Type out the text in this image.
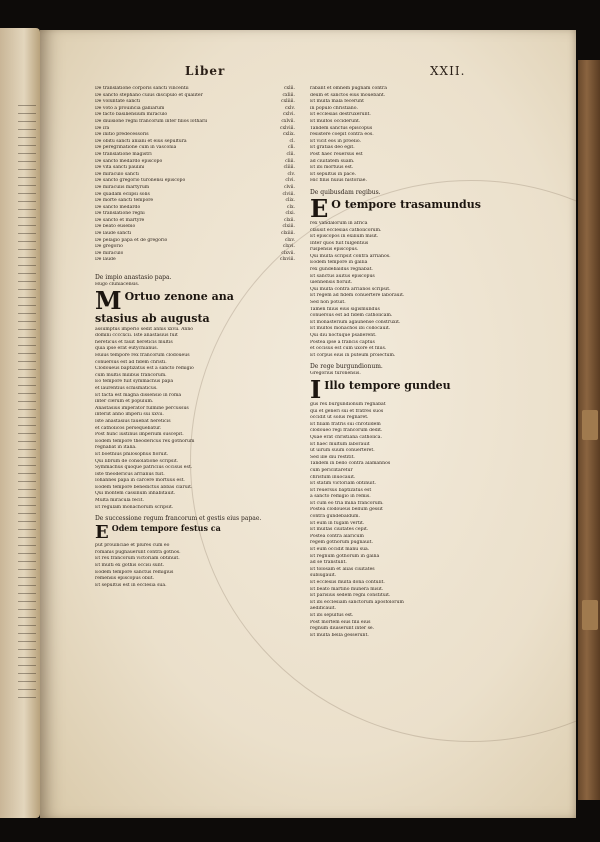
Liber	XXII.
De translatione corporis sancti vincentii	cxlii.
De sancto stephano cuius discipulo et qualiter	cxliii.
De voluntate sancti	cxliiii.
De voto a prouincia galliarum	cxlv.
De facto basiliensium miraculo	cxlvi.
De diuisione regni francorum inter filios lotharii	cxlvii.
De ira	cxlviii.
De initio predecessoris	cxlix.
De obitu sancti aniani et eius sepultura	cl.
De peregrinatione cum in vasconia	cli.
De translatione magistri	clii.
De sancto medardo episcopo	cliii.
De vita sancti paulini	cliiii.
De miraculo sancti	clv.
De sancto gregorio turonensi episcopo	clvi.
De miraculis martyrum	clvii.
De quadam eclipsi solis	clviii.
De morte sancti tempore	clix.
De sancto medardo	clx.
De translatione regni	clxi.
De sancto et martyre	clxii.
De beato eusebio	clxiii.
De laude sancti	clxiiii.
De pelagio papa et de gregorio	clxv.
De gregorio	clxvi.
De miraculo	clxvii.
De laude	clxviii.
De impio anastasio papa.
Hugo cluniacensis.
M Ortuo zenone ana
stasius ab augusta
assumptus imperio sedit annis xxvii. Anno
domini ccccxcii. Iste anastasius fuit
hereticus et fauit hereticis multis
quia ipse erat eutychianus.
Huius tempore rex francorum clodoueus
conuersus est ad fidem christi.
Clodoueus baptizatus est a sancto remigio
cum multis milibus francorum.
Eo tempore fuit symmachus papa
et laurentius schismaticus.
Et facta est magna dissensio in roma
inter clerum et populum.
Anastasius imperator fulmine percussus
interiit anno imperii sui xxvii.
Iste anastasius fauebat hereticis
et catholicos persequebatur.
Post hunc iustinus imperium suscepit.
Eodem tempore theodericus rex gothorum
regnabat in italia.
Et boethius philosophus floruit.
Qui librum de consolatione scripsit.
Symmachus quoque patricius occisus est.
Iste theodericus arrianus fuit.
Iohannes papa in carcere mortuus est.
Eodem tempore benedictus abbas claruit.
Qui montem cassinum inhabitauit.
Multa miracula fecit.
Et regulam monachorum scripsit.
De successione regum francorum et gestis eius papae.
E Odem tempore festus ca
put prouinciae et plures cum eo
romanis pugnauerunt contra gothos.
Et rex francorum victoriam obtinuit.
Et multi ex gothis occisi sunt.
Eodem tempore sanctus remigius
remensis episcopus obiit.
Et sepultus est in ecclesia sua.
rabant et omnem pugnam contra
deum et sanctos eius mouebant.
Et multa mala fecerunt
in populo christiano.
Et ecclesias destruxerunt.
Et multos occiderunt.
Tandem sanctus episcopus
resistere coepit contra eos.
Et vicit eos in proelio.
Et gratias deo egit.
Post haec reuersus est
ad ciuitatem suam.
Et ibi mortuus est.
Et sepultus in pace.
Hic finis huius historiae.
De quibusdam regibus.
E O tempore trasamundus
rex vandalorum in africa
clausit ecclesias catholicorum.
Et episcopos in exilium misit.
Inter quos fuit fulgentius
ruspensis episcopus.
Qui multa scripsit contra arrianos.
Eodem tempore in gallia
rex gundebaldus regnabat.
Et sanctus auitus episcopus
uiennensis floruit.
Qui multa contra arrianos scripsit.
Et regem ad fidem conuertere laborauit.
Sed non potuit.
Tamen filius eius sigismundus
conuersus est ad fidem catholicam.
Et monasterium agaunense construxit.
Et multos monachos ibi collocauit.
Qui diu noctuque psallerent.
Postea ipse a francis captus
et occisus est cum uxore et filiis.
Et corpus eius in puteum proiectum.
De rege burgundionum.
Gregorius turonensis.
I Illo tempore gundeu
gus rex burgundionum regnabat
qui et generi sui et fratres suos
occidit ut solus regnaret.
Et filiam fratris sui chrotildem
clodoueo regi francorum dedit.
Quae erat christiana catholica.
Et haec multum laborauit
ut uirum suum conuerteret.
Sed ille diu restitit.
Tandem in bello contra alamannos
cum periclitaretur
christum inuocauit.
Et statim victoriam obtinuit.
Et reuersus baptizatus est
a sancto remigio in remis.
Et cum eo tria milia francorum.
Postea clodoueus bellum gessit
contra gundebaldum.
Et eum in fugam vertit.
Et multas ciuitates cepit.
Postea contra alaricum
regem gothorum pugnauit.
Et eum occidit manu sua.
Et regnum gothorum in gallia
ad se transtulit.
Et tolosam et alias ciuitates
subiugauit.
Et ecclesiis multa dona contulit.
Et beato martino munera misit.
Et parisius sedem regni constituit.
Et ibi ecclesiam sanctorum apostolorum
aedificauit.
Et ibi sepultus est.
Post mortem eius filii eius
regnum diuiserunt inter se.
Et multa bella gesserunt.
